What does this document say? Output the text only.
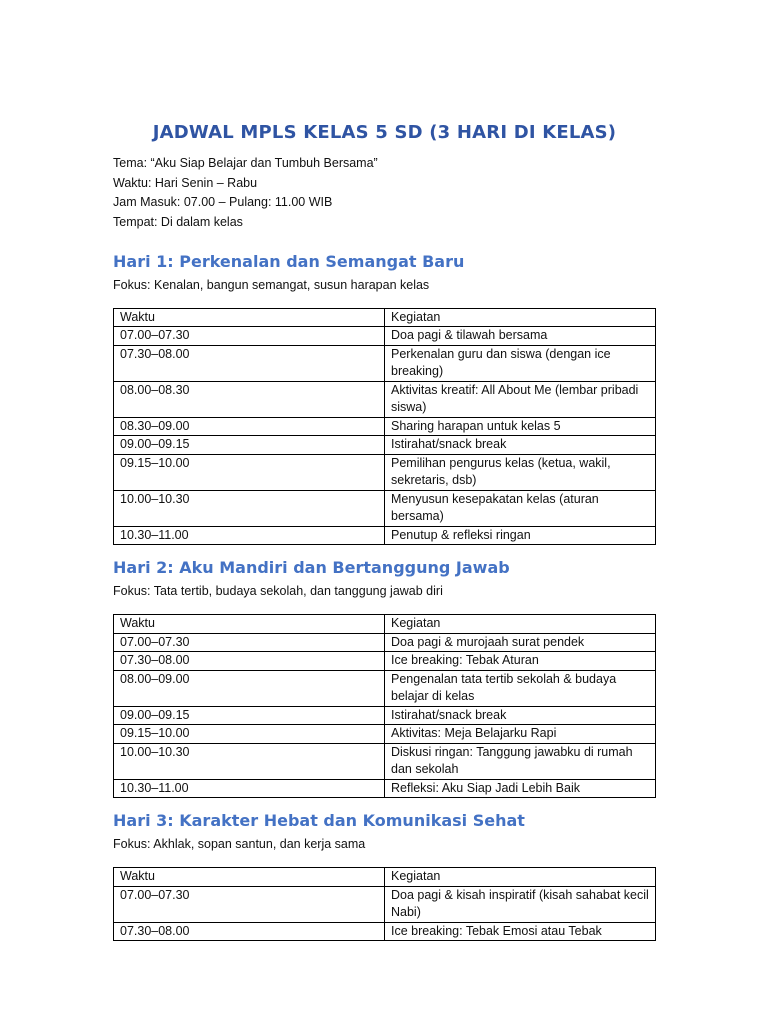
JADWAL MPLS KELAS 5 SD (3 HARI DI KELAS)

Tema: “Aku Siap Belajar dan Tumbuh Bersama”

Waktu: Hari Senin – Rabu

Jam Masuk: 07.00 – Pulang: 11.00 WIB

Tempat: Di dalam kelas

Hari 1: Perkenalan dan Semangat Baru

Fokus: Kenalan, bangun semangat, susun harapan kelas

Waktu	Kegiatan
07.00–07.30	Doa pagi & tilawah bersama
07.30–08.00	Perkenalan guru dan siswa (dengan ice breaking)
08.00–08.30	Aktivitas kreatif: All About Me (lembar pribadi siswa)
08.30–09.00	Sharing harapan untuk kelas 5
09.00–09.15	Istirahat/snack break
09.15–10.00	Pemilihan pengurus kelas (ketua, wakil, sekretaris, dsb)
10.00–10.30	Menyusun kesepakatan kelas (aturan bersama)
10.30–11.00	Penutup & refleksi ringan
Hari 2: Aku Mandiri dan Bertanggung Jawab

Fokus: Tata tertib, budaya sekolah, dan tanggung jawab diri

Waktu	Kegiatan
07.00–07.30	Doa pagi & murojaah surat pendek
07.30–08.00	Ice breaking: Tebak Aturan
08.00–09.00	Pengenalan tata tertib sekolah & budaya belajar di kelas
09.00–09.15	Istirahat/snack break
09.15–10.00	Aktivitas: Meja Belajarku Rapi
10.00–10.30	Diskusi ringan: Tanggung jawabku di rumah dan sekolah
10.30–11.00	Refleksi: Aku Siap Jadi Lebih Baik
Hari 3: Karakter Hebat dan Komunikasi Sehat

Fokus: Akhlak, sopan santun, dan kerja sama

Waktu	Kegiatan
07.00–07.30	Doa pagi & kisah inspiratif (kisah sahabat kecil Nabi)
07.30–08.00	Ice breaking: Tebak Emosi atau Tebak
